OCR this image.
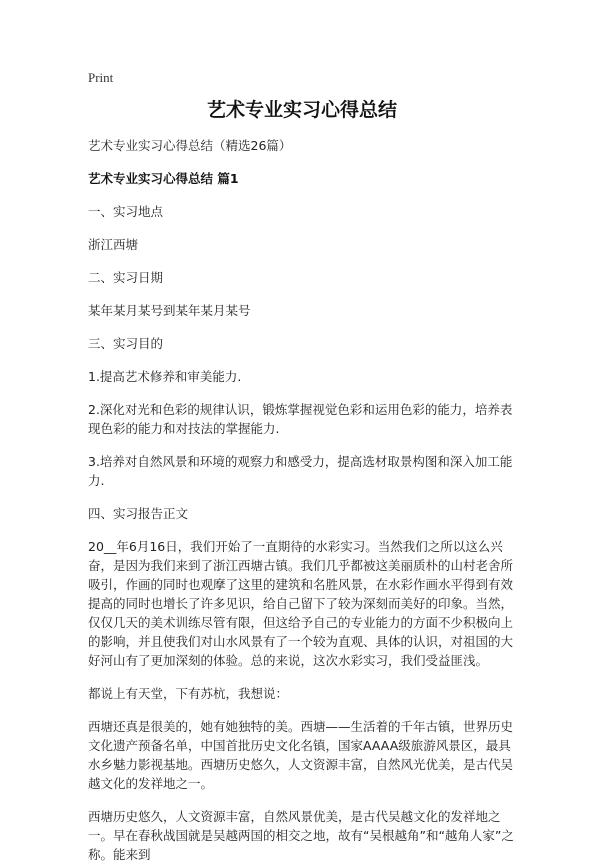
Print
艺术专业实习心得总结

艺术专业实习心得总结（精选26篇）

艺术专业实习心得总结 篇1

一、实习地点

浙江西塘

二、实习日期

某年某月某号到某年某月某号

三、实习目的

1.提高艺术修养和审美能力.

2.深化对光和色彩的规律认识，锻炼掌握视觉色彩和运用色彩的能力，培养表现色彩的能力和对技法的掌握能力.

3.培养对自然风景和环境的观察力和感受力，提高选材取景构图和深入加工能力.

四、实习报告正文

20__年6月16日，我们开始了一直期待的水彩实习。当然我们之所以这么兴奋，是因为我们来到了浙江西塘古镇。我们几乎都被这美丽质朴的山村老舍所吸引，作画的同时也观摩了这里的建筑和名胜风景，在水彩作画水平得到有效提高的同时也增长了许多见识，给自己留下了较为深刻而美好的印象。当然，仅仅几天的美术训练尽管有限，但这给予自己的专业能力的方面不少积极向上的影响，并且使我们对山水风景有了一个较为直观、具体的认识，对祖国的大好河山有了更加深刻的体验。总的来说，这次水彩实习，我们受益匪浅。

都说上有天堂，下有苏杭，我想说：

西塘还真是很美的，她有她独特的美。西塘——生活着的千年古镇，世界历史文化遗产预备名单，中国首批历史文化名镇，国家AAAA级旅游风景区，最具水乡魅力影视基地。西塘历史悠久，人文资源丰富，自然风光优美，是古代吴越文化的发祥地之一。

西塘历史悠久，人文资源丰富，自然风景优美，是古代吴越文化的发祥地之一。早在春秋战国就是吴越两国的相交之地，故有“吴根越角”和“越角人家”之称。能来到
